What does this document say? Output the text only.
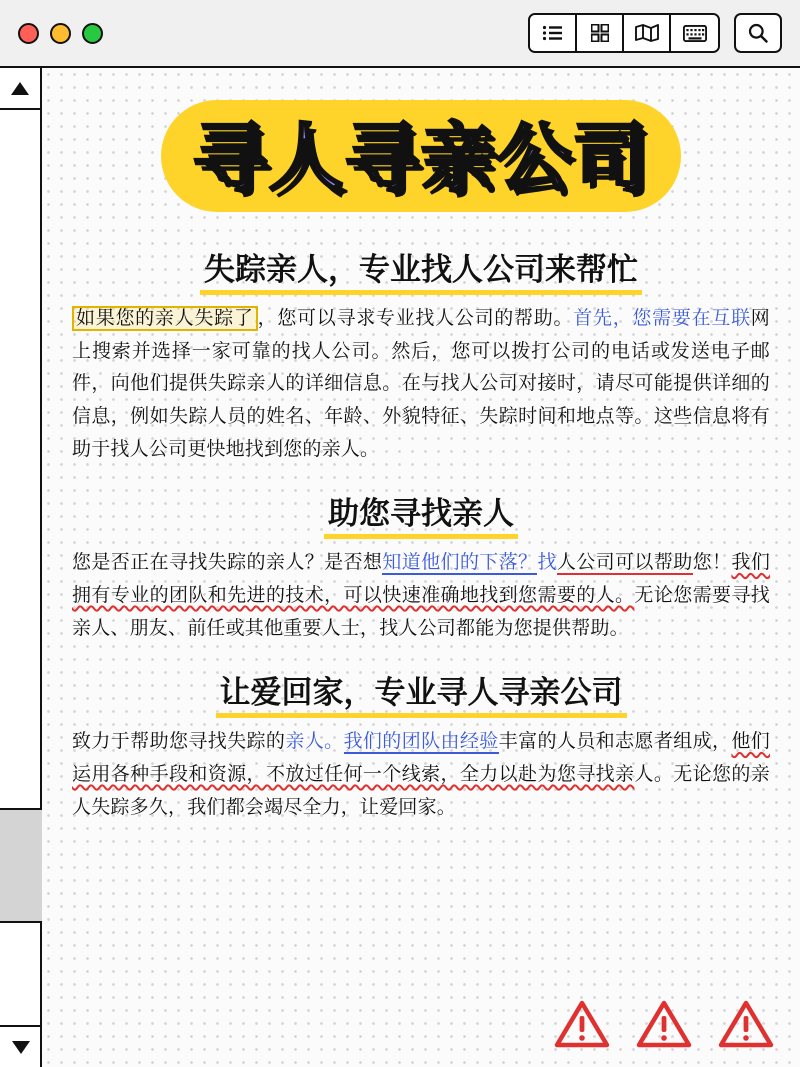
寻人寻亲公司
失踪亲人，专业找人公司来帮忙

如果您的亲人失踪了 ，您可以寻求专业找人公司的帮助。首先，您需要在互联网上搜索并选择一家可靠的找人公司。然后，您可以拨打公司的电话或发送电子邮件，向他们提供失踪亲人的详细信息。在与找人公司对接时，请尽可能提供详细的信息，例如失踪人员的姓名、年龄、外貌特征、失踪时间和地点等。这些信息将有助于找人公司更快地找到您的亲人。

助您寻找亲人

您是否正在寻找失踪的亲人？是否想知道他们的下落？找人公司可以帮助您！我们拥有专业的团队和先进的技术，可以快速准确地找到您需要的人。无论您需要寻找亲人、朋友、前任或其他重要人士，找人公司都能为您提供帮助。

让爱回家，专业寻人寻亲公司

致力于帮助您寻找失踪的亲人。我们的团队由经验丰富的人员和志愿者组成，他们运用各种手段和资源，不放过任何一个线索，全力以赴为您寻找亲人。无论您的亲人失踪多久，我们都会竭尽全力，让爱回家。
